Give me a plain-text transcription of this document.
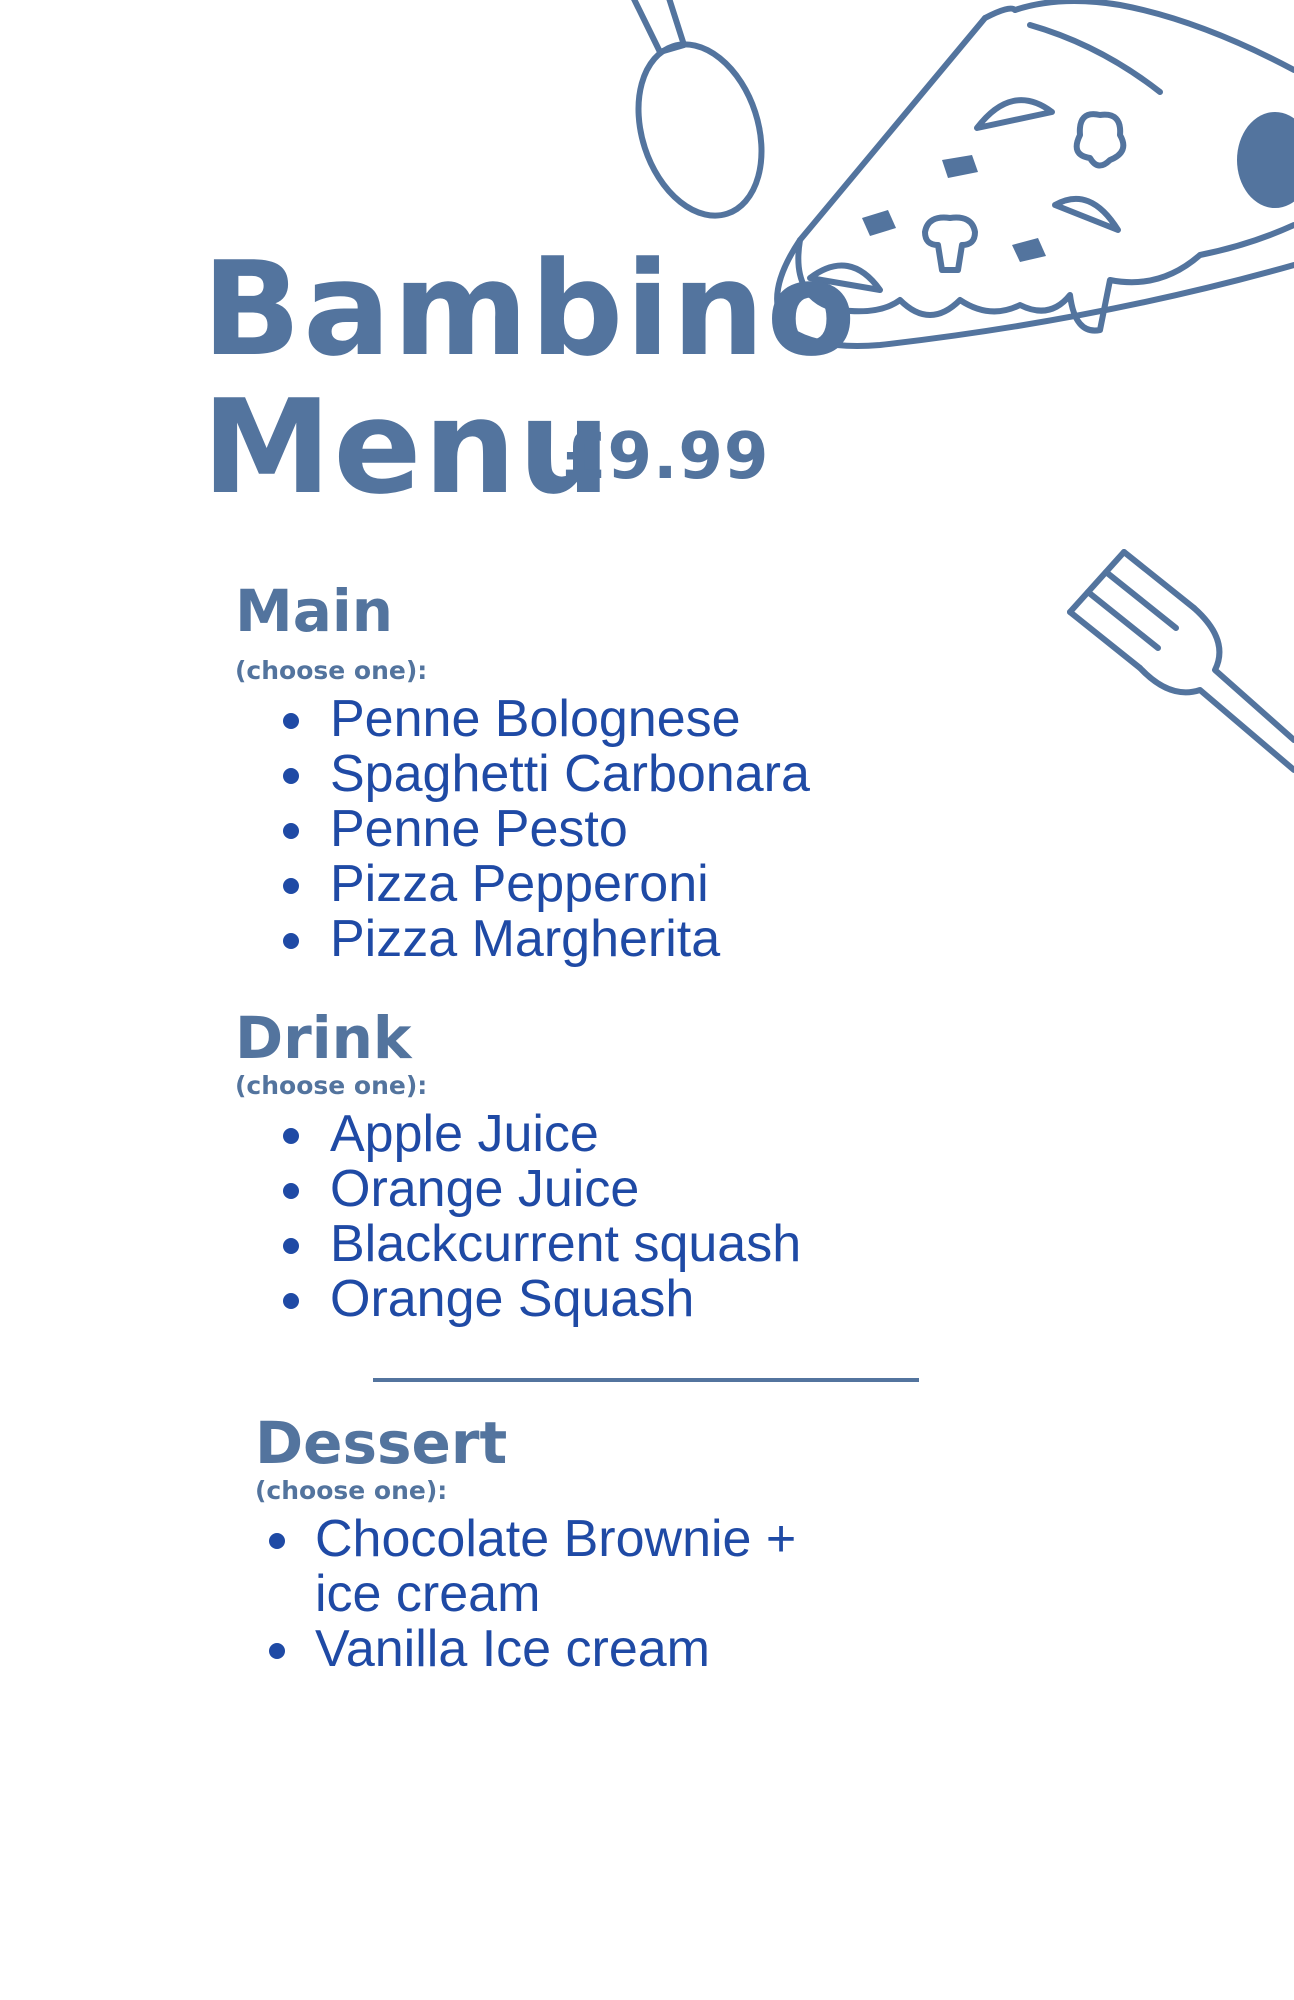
Bambino
Menu
£9.99
Main

(choose one):

Penne Bolognese
Spaghetti Carbonara
Penne Pesto
Pizza Pepperoni
Pizza Margherita
Drink

(choose one):

Apple Juice
Orange Juice
Blackcurrent squash
Orange Squash
Dessert

(choose one):

Chocolate Brownie + ice cream
Vanilla Ice cream
